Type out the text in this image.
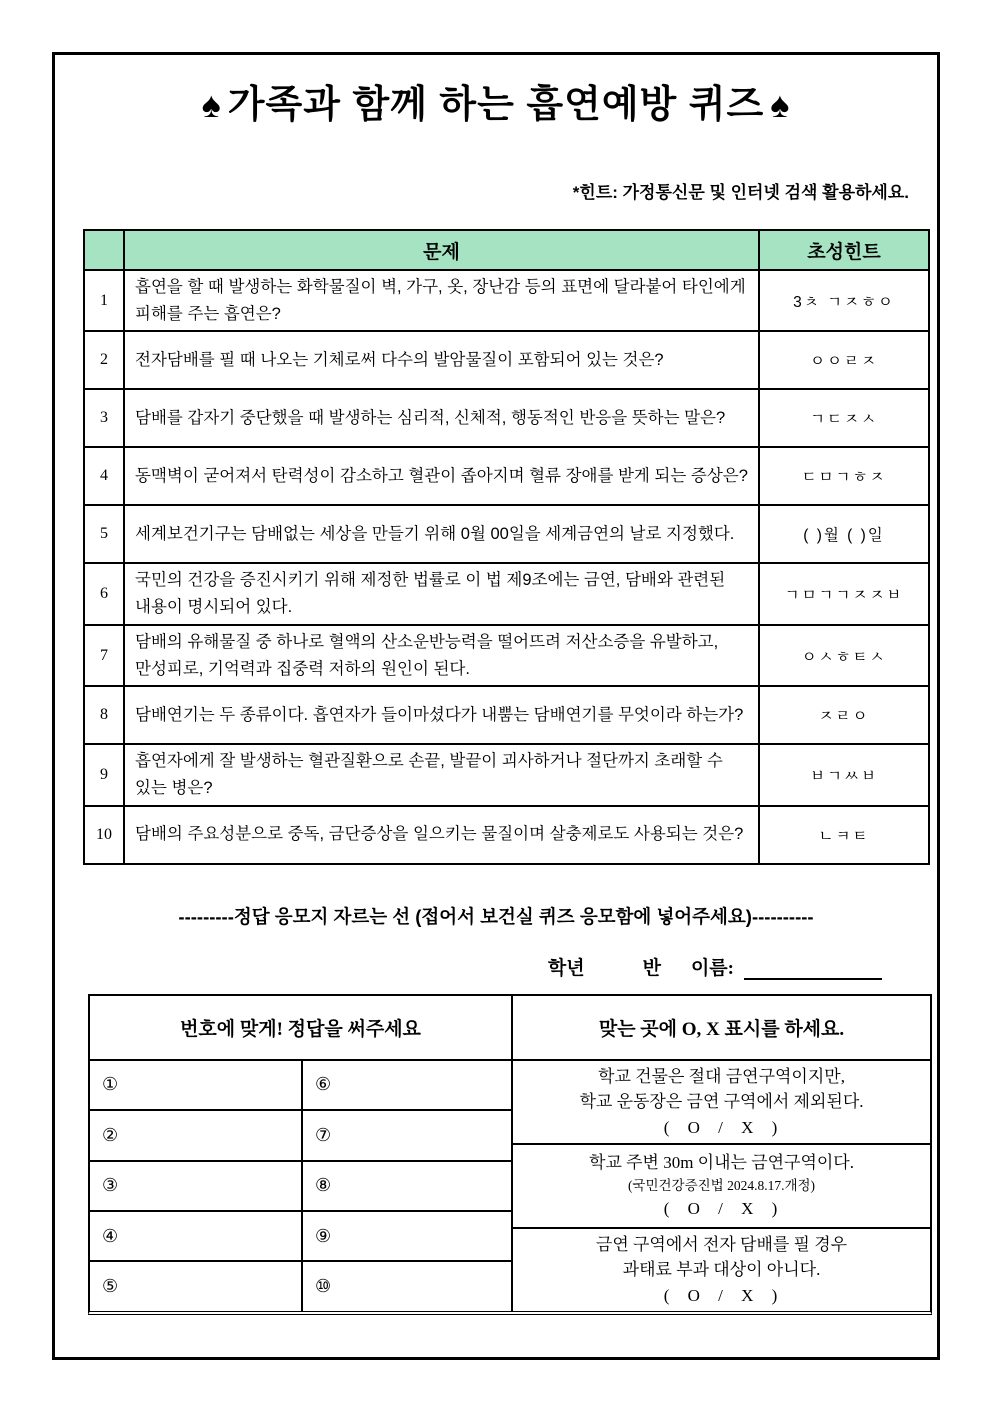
♠ 가족과 함께 하는 흡연예방 퀴즈 ♠
*힌트: 가정통신문 및 인터넷 검색 활용하세요.
	문제	초성힌트
1	흡연을 할 때 발생하는 화학물질이 벽, 가구, 옷, 장난감 등의 표면에 달라붙어 타인에게 피해를 주는 흡연은?	3ㅊ ㄱㅈㅎㅇ
2	전자담배를 필 때 나오는 기체로써 다수의 발암물질이 포함되어 있는 것은?	ㅇㅇㄹㅈ
3	담배를 갑자기 중단했을 때 발생하는 심리적, 신체적, 행동적인 반응을 뜻하는 말은?	ㄱㄷㅈㅅ
4	동맥벽이 굳어져서 탄력성이 감소하고 혈관이 좁아지며 혈류 장애를 받게 되는 증상은?	ㄷㅁㄱㅎㅈ
5	세계보건기구는 담배없는 세상을 만들기 위해 0월 00일을 세계금연의 날로 지정했다.	( )월 ( )일
6	국민의 건강을 증진시키기 위해 제정한 법률로 이 법 제9조에는 금연, 담배와 관련된 내용이 명시되어 있다.	ㄱㅁㄱㄱㅈㅈㅂ
7	담배의 유해물질 중 하나로 혈액의 산소운반능력을 떨어뜨려 저산소증을 유발하고, 만성피로, 기억력과 집중력 저하의 원인이 된다.	ㅇㅅㅎㅌㅅ
8	담배연기는 두 종류이다. 흡연자가 들이마셨다가 내뿜는 담배연기를 무엇이라 하는가?	ㅈㄹㅇ
9	흡연자에게 잘 발생하는 혈관질환으로 손끝, 발끝이 괴사하거나 절단까지 초래할 수 있는 병은?	ㅂㄱㅆㅂ
10	담배의 주요성분으로 중독, 금단증상을 일으키는 물질이며 살충제로도 사용되는 것은?	ㄴㅋㅌ
---------정답 응모지 자르는 선 (접어서 보건실 퀴즈 응모함에 넣어주세요)----------
학년	반 이름:
번호에 맞게! 정답을 써주세요	맞는 곳에 O, X 표시를 하세요.
①	⑥
②	⑦
③	⑧
④	⑨
⑤	⑩
학교 건물은 절대 금연구역이지만,
학교 운동장은 금연 구역에서 제외된다.
( O / X )
학교 주변 30m 이내는 금연구역이다.
(국민건강증진법 2024.8.17.개정)
( O / X )
금연 구역에서 전자 담배를 필 경우
과태료 부과 대상이 아니다.
( O / X )
